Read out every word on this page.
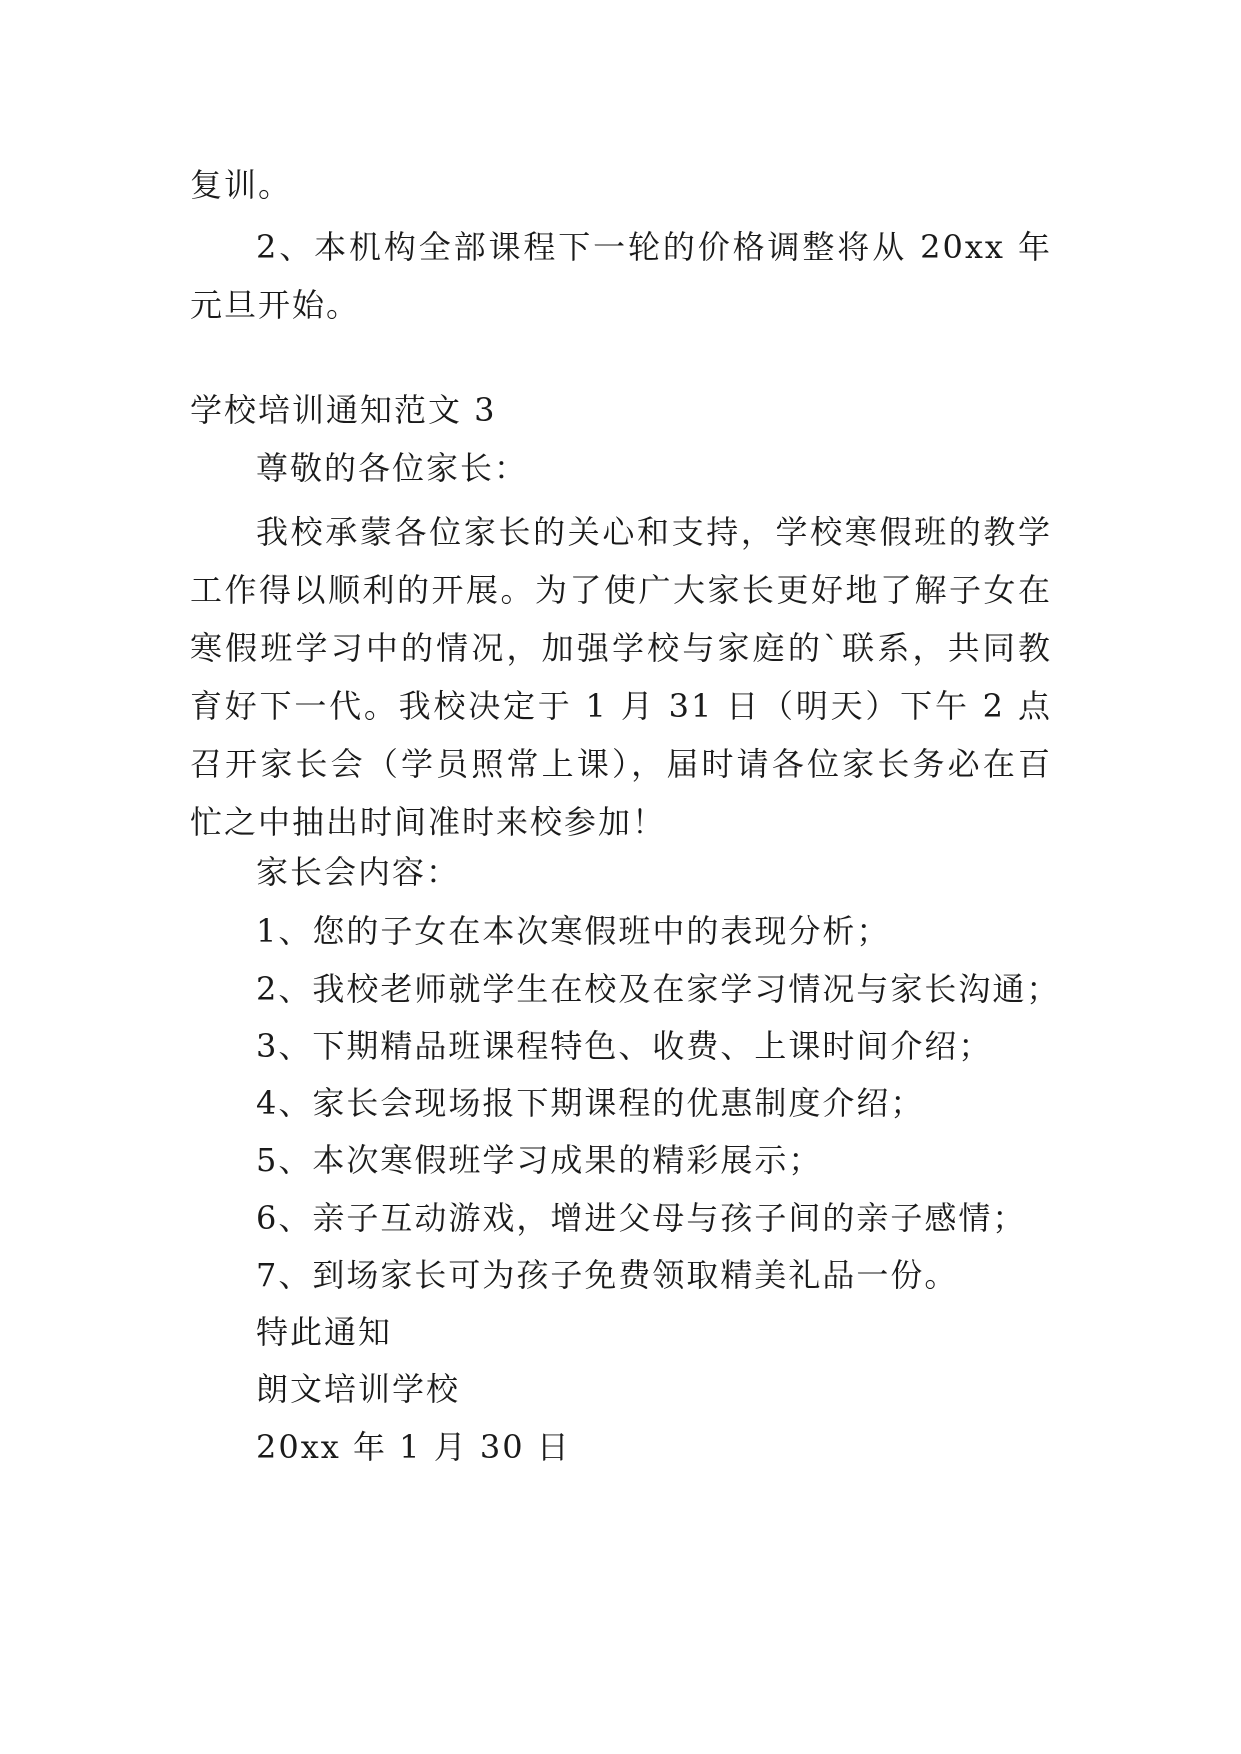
复训。

2、本机构全部课程下一轮的价格调整将从 20xx 年元旦开始。

学校培训通知范文 3
尊敬的各位家长：

我校承蒙各位家长的关心和支持，学校寒假班的教学工作得以顺利的开展。为了使广大家长更好地了解子女在寒假班学习中的情况，加强学校与家庭的`联系，共同教育好下一代。我校决定于 1 月 31 日（明天）下午 2 点召开家长会（学员照常上课），届时请各位家长务必在百忙之中抽出时间准时来校参加！

家长会内容：
1、您的子女在本次寒假班中的表现分析；
2、我校老师就学生在校及在家学习情况与家长沟通；
3、下期精品班课程特色、收费、上课时间介绍；
4、家长会现场报下期课程的优惠制度介绍；
5、本次寒假班学习成果的精彩展示；
6、亲子互动游戏，增进父母与孩子间的亲子感情；
7、到场家长可为孩子免费领取精美礼品一份。
特此通知
朗文培训学校
20xx 年 1 月 30 日
